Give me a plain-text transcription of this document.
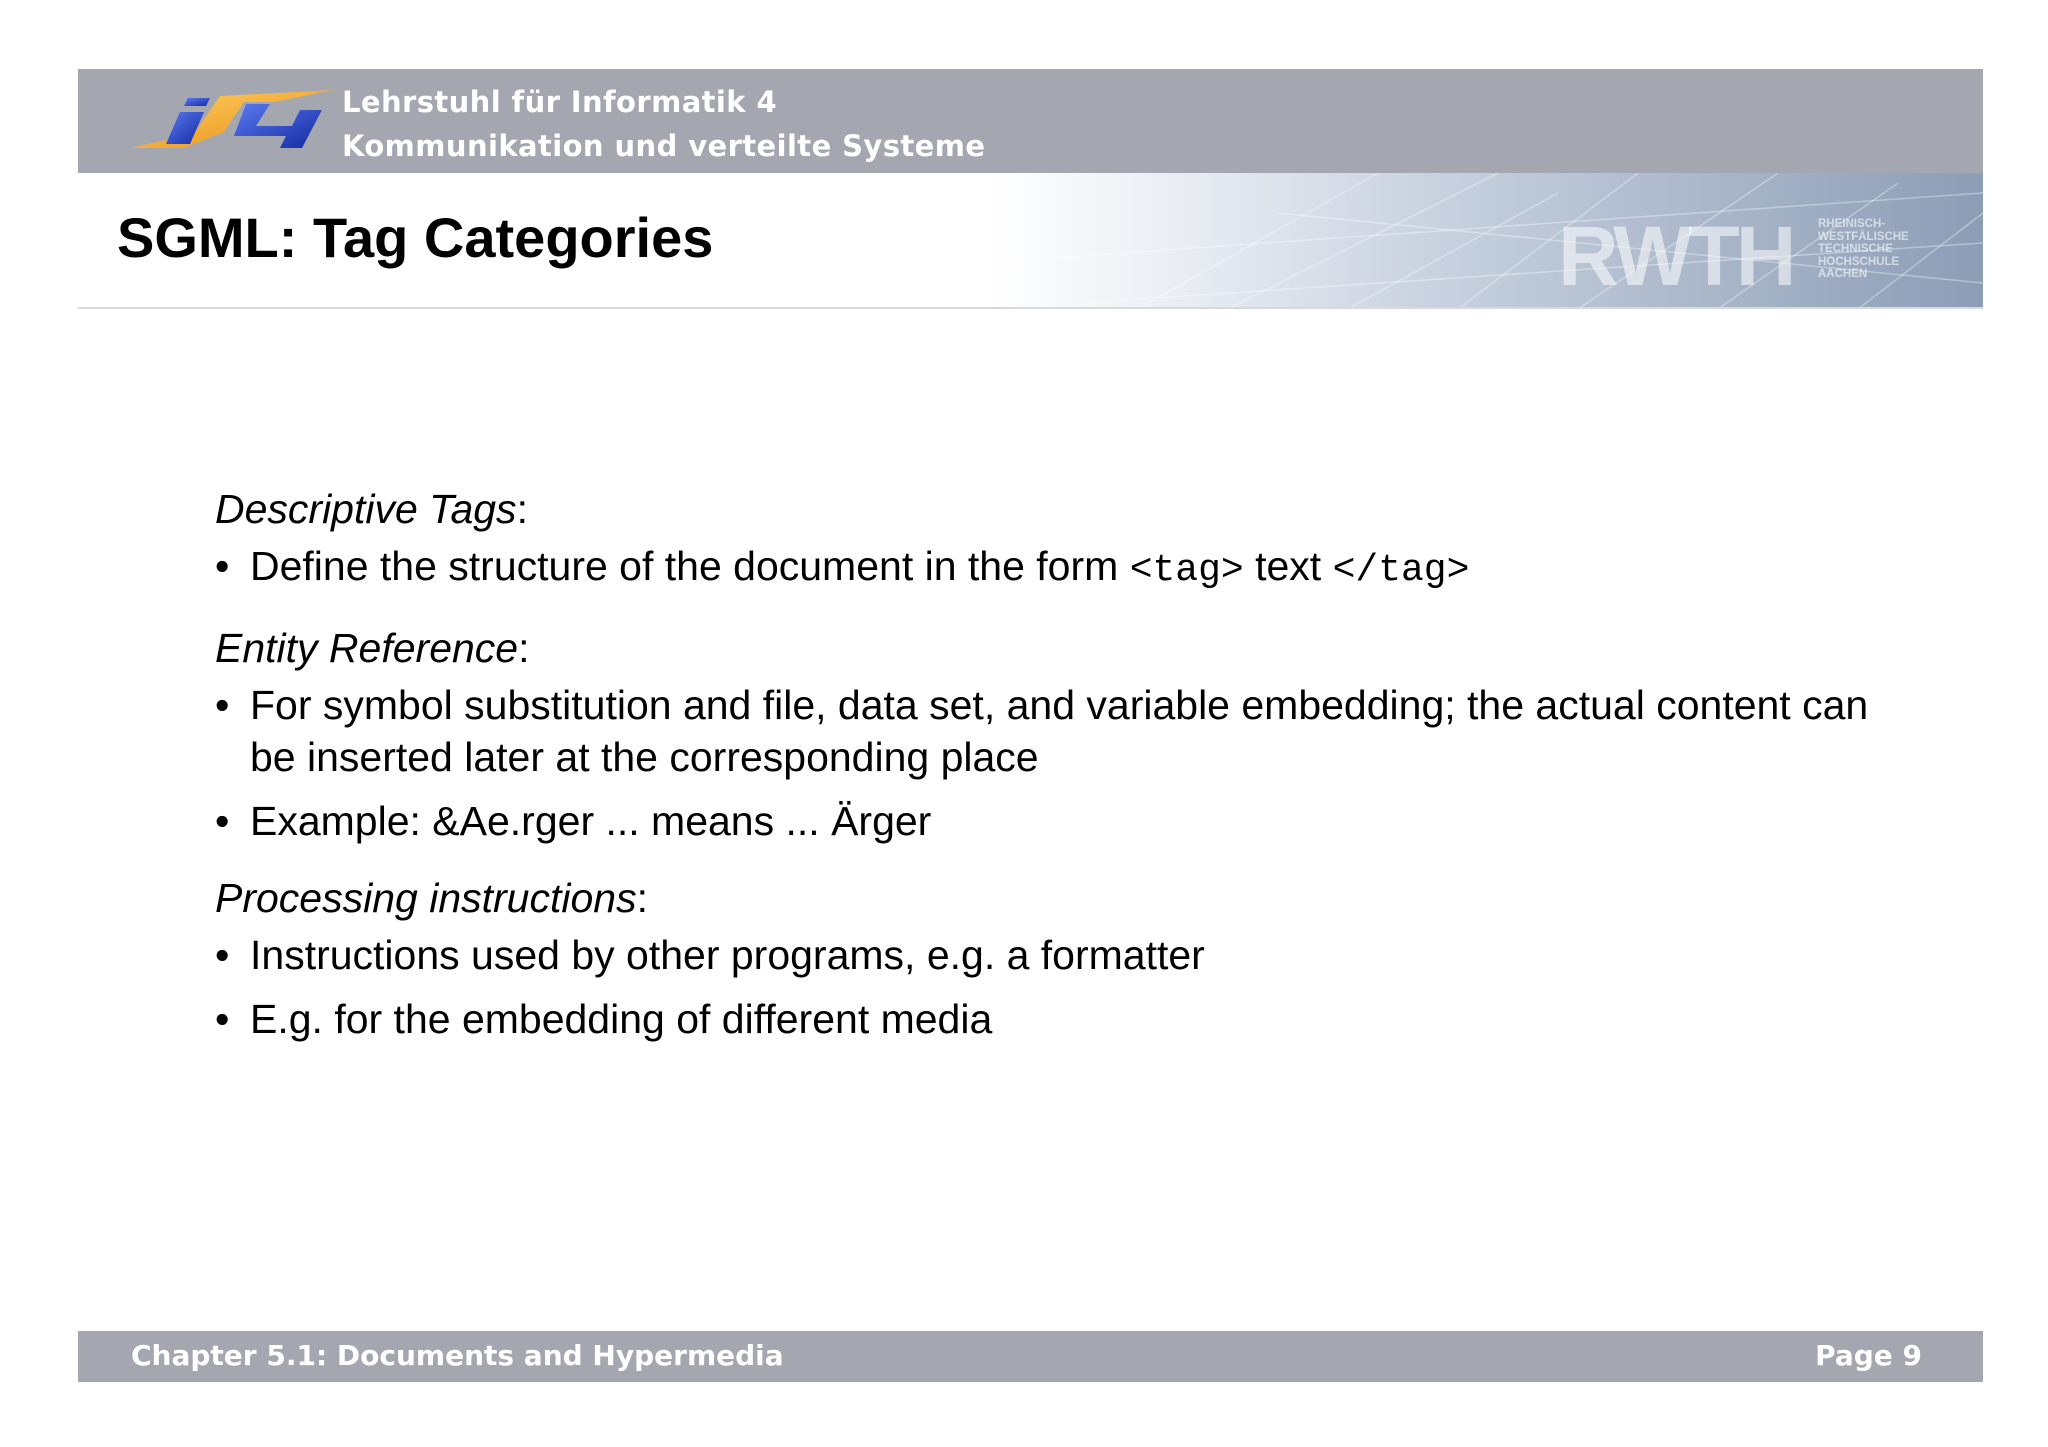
Lehrstuhl für Informatik 4
Kommunikation und verteilte Systeme
RWTH RHEINISCH-
WESTFÄLISCHE
TECHNISCHE
HOCHSCHULE
AACHEN
SGML: Tag Categories

Descriptive Tags:

• Define the structure of the document in the form <tag> text </tag>

Entity Reference:

• For symbol substitution and file, data set, and variable embedding; the actual content can be inserted later at the corresponding place
• Example: &Ae.rger ... means ... Ärger

Processing instructions:

• Instructions used by other programs, e.g. a formatter
• E.g. for the embedding of different media
Chapter 5.1: Documents and Hypermedia	Page 9
